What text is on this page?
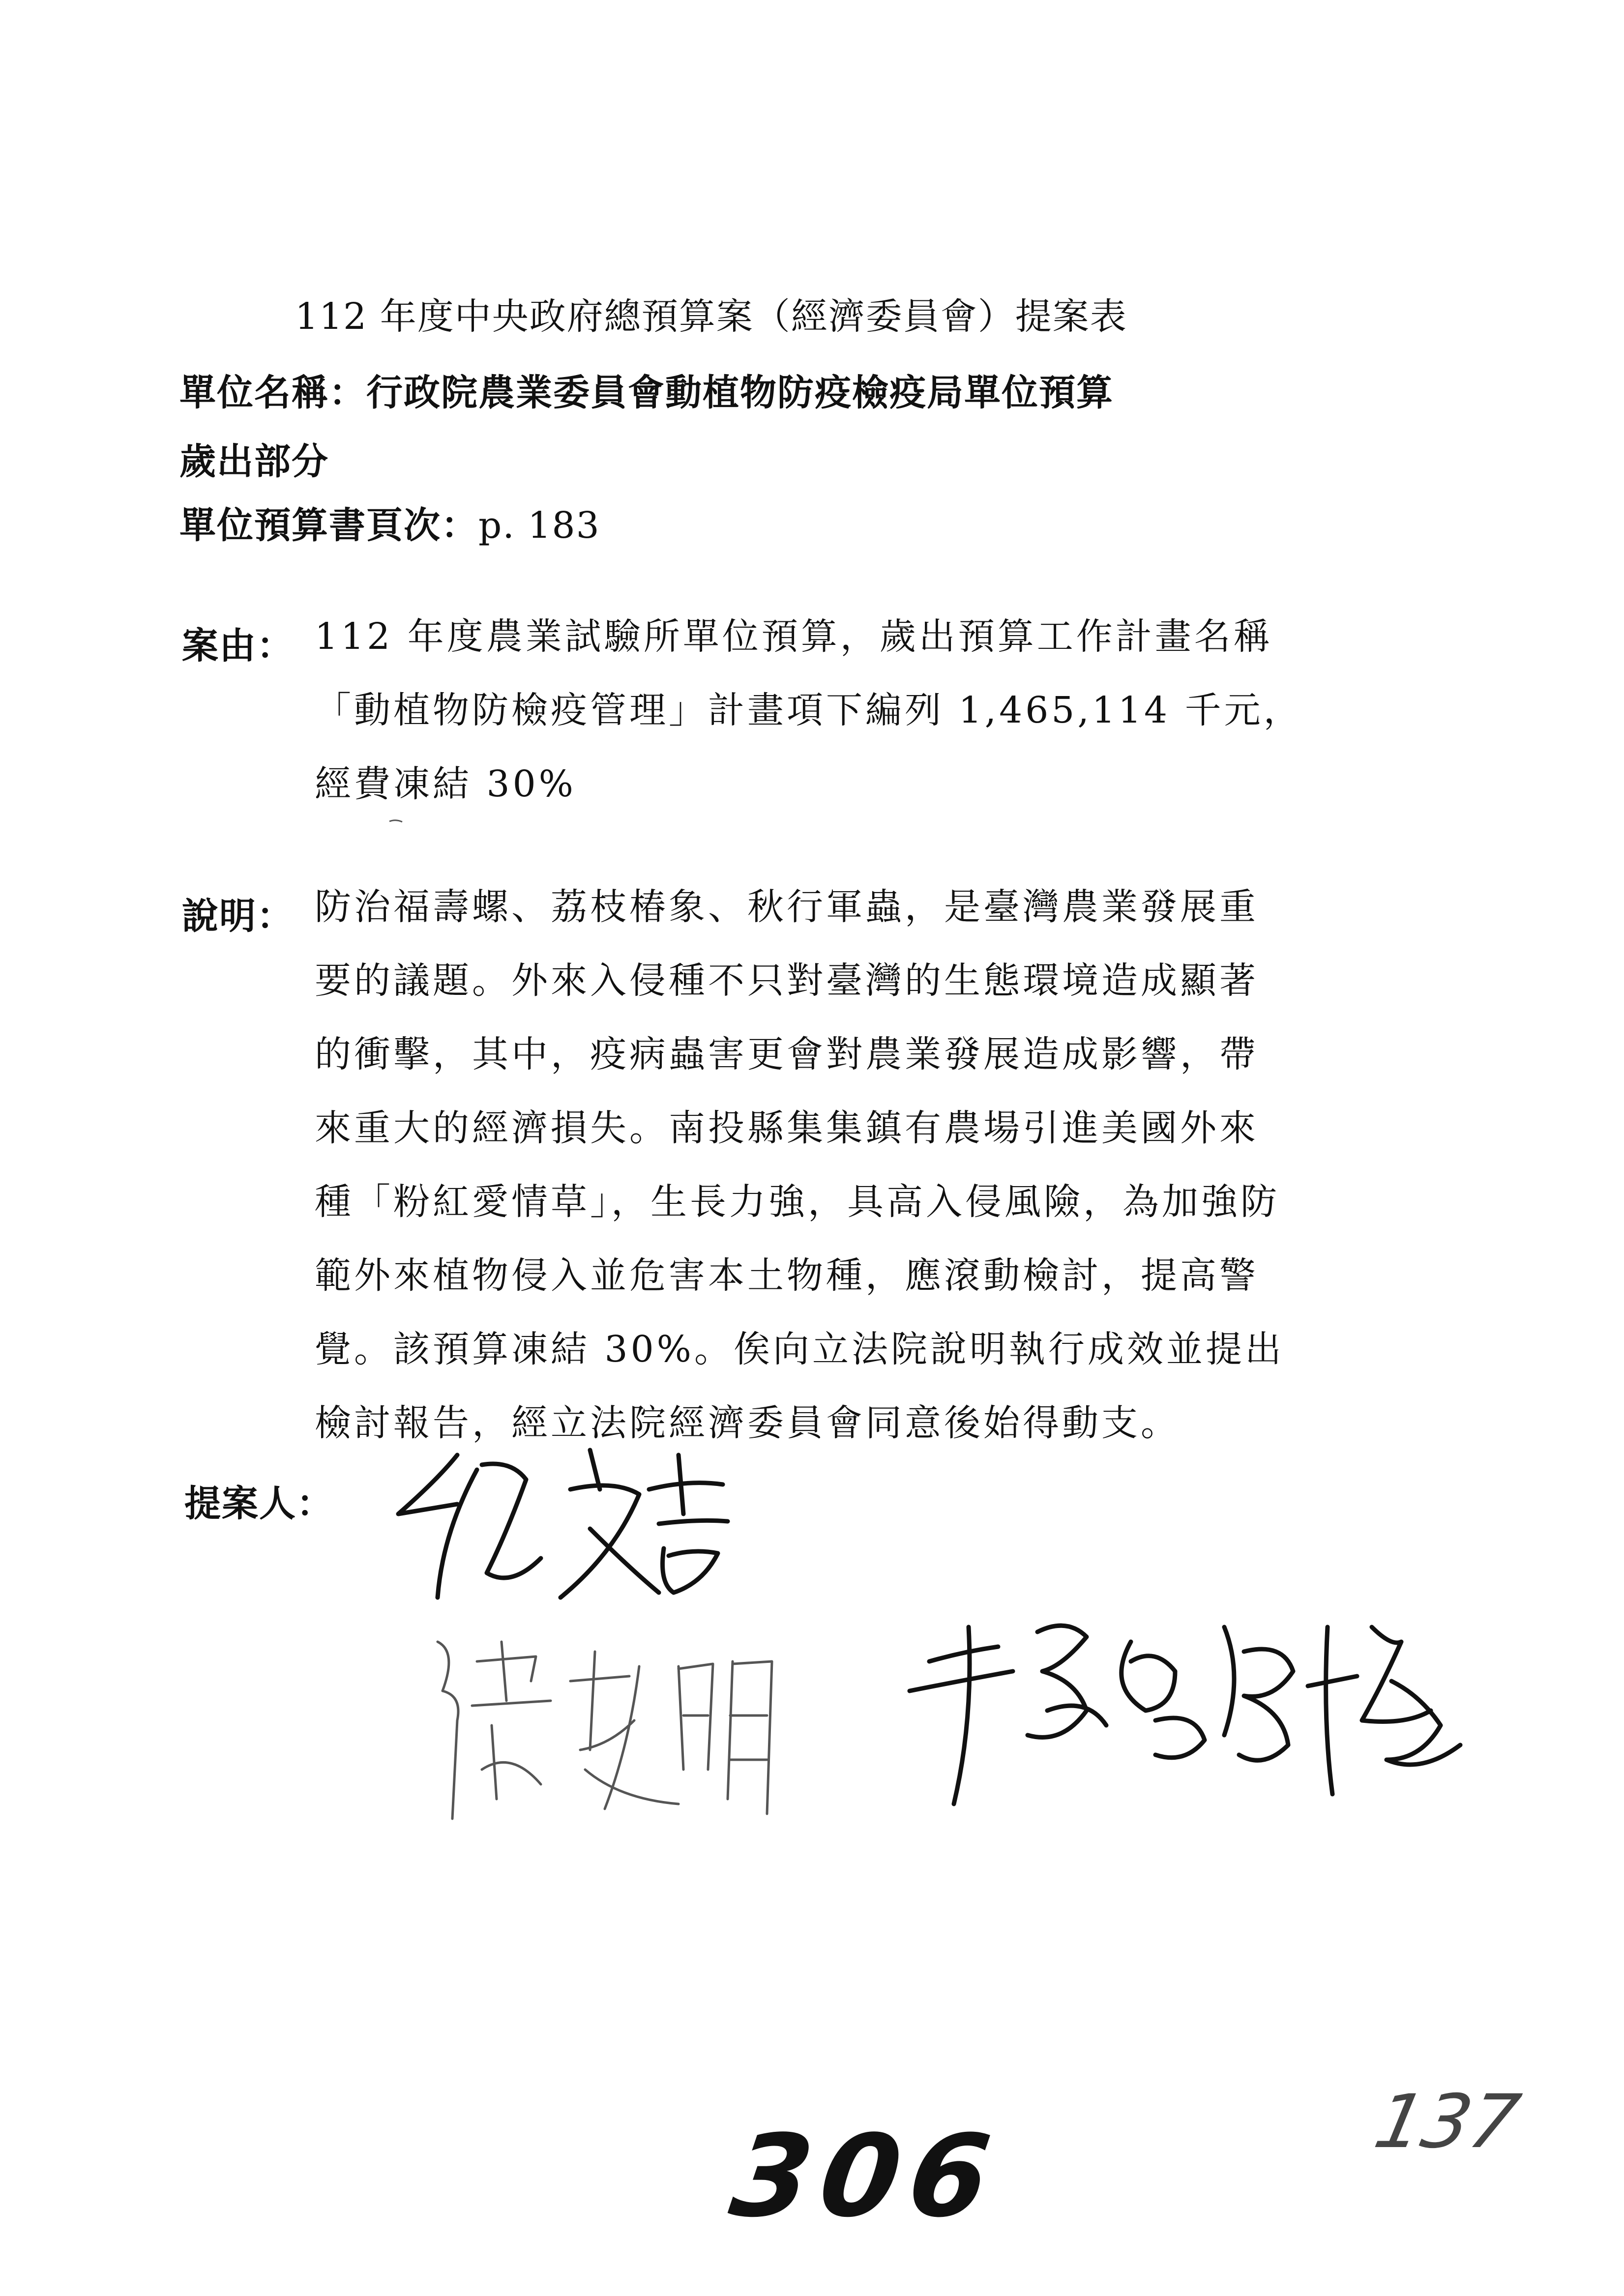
112 年度中央政府總預算案（經濟委員會）提案表
單位名稱：行政院農業委員會動植物防疫檢疫局單位預算
歲出部分
單位預算書頁次：p. 183
案由： 112 年度農業試驗所單位預算，歲出預算工作計畫名稱
「動植物防檢疫管理」計畫項下編列 1,465,114 千元，
經費凍結 30%
說明： 防治福壽螺、荔枝椿象、秋行軍蟲，是臺灣農業發展重
要的議題。外來入侵種不只對臺灣的生態環境造成顯著
的衝擊，其中，疫病蟲害更會對農業發展造成影響，帶
來重大的經濟損失。南投縣集集鎮有農場引進美國外來
種「粉紅愛情草」，生長力強，具高入侵風險，為加強防
範外來植物侵入並危害本土物種，應滾動檢討，提高警
覺。該預算凍結 30%。俟向立法院說明執行成效並提出
檢討報告，經立法院經濟委員會同意後始得動支。
提案人：
306	137
